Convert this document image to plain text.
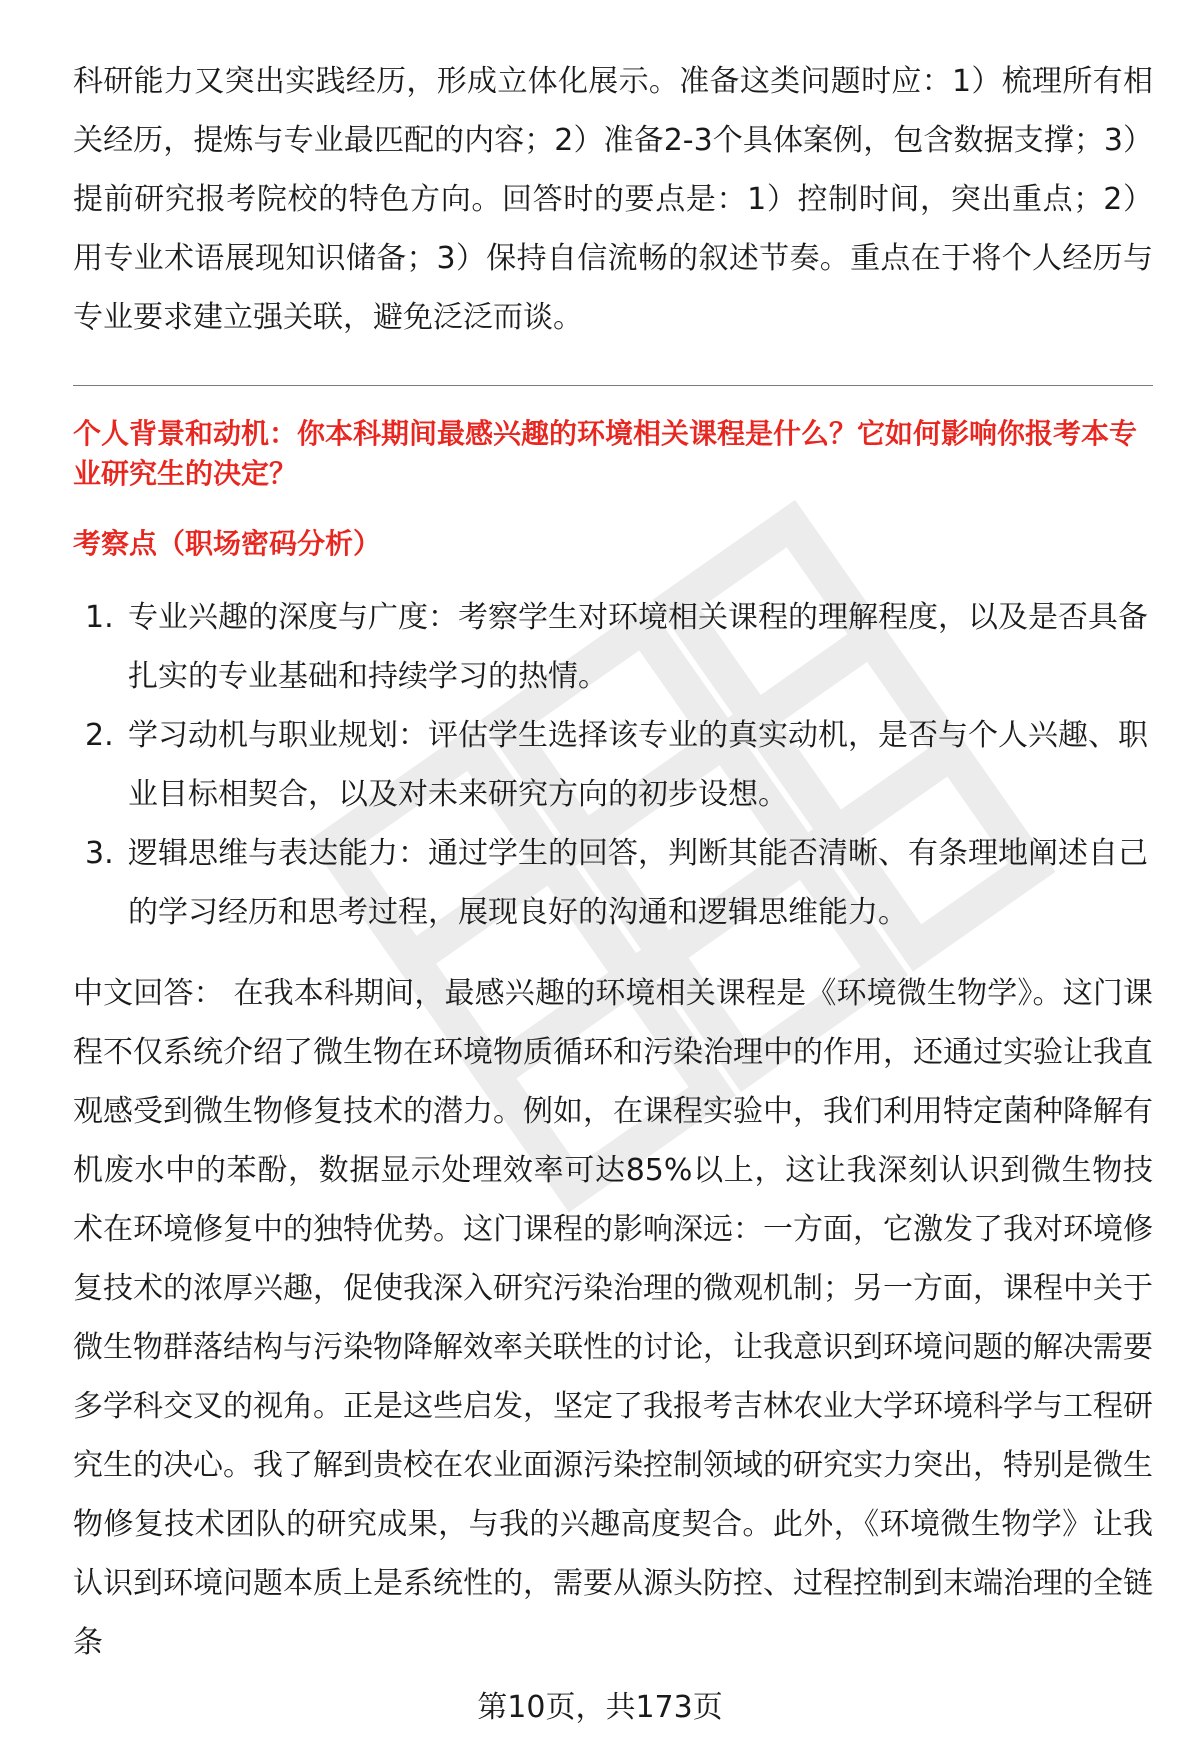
科研能力又突出实践经历，形成立体化展示。准备这类问题时应：1）梳理所有相关经历，提炼与专业最匹配的内容；2）准备2-3个具体案例，包含数据支撑；3）提前研究报考院校的特色方向。回答时的要点是：1）控制时间，突出重点；2）用专业术语展现知识储备；3）保持自信流畅的叙述节奏。重点在于将个人经历与专业要求建立强关联，避免泛泛而谈。

个人背景和动机：你本科期间最感兴趣的环境相关课程是什么？它如何影响你报考本专业研究生的决定？

考察点（职场密码分析）

1. 专业兴趣的深度与广度：考察学生对环境相关课程的理解程度，以及是否具备扎实的专业基础和持续学习的热情。
2. 学习动机与职业规划：评估学生选择该专业的真实动机，是否与个人兴趣、职业目标相契合，以及对未来研究方向的初步设想。
3. 逻辑思维与表达能力：通过学生的回答，判断其能否清晰、有条理地阐述自己的学习经历和思考过程，展现良好的沟通和逻辑思维能力。

中文回答： 在我本科期间，最感兴趣的环境相关课程是《环境微生物学》。这门课程不仅系统介绍了微生物在环境物质循环和污染治理中的作用，还通过实验让我直观感受到微生物修复技术的潜力。例如，在课程实验中，我们利用特定菌种降解有机废水中的苯酚，数据显示处理效率可达85%以上，这让我深刻认识到微生物技术在环境修复中的独特优势。这门课程的影响深远：一方面，它激发了我对环境修复技术的浓厚兴趣，促使我深入研究污染治理的微观机制；另一方面，课程中关于微生物群落结构与污染物降解效率关联性的讨论，让我意识到环境问题的解决需要多学科交叉的视角。正是这些启发，坚定了我报考吉林农业大学环境科学与工程研究生的决心。我了解到贵校在农业面源污染控制领域的研究实力突出，特别是微生物修复技术团队的研究成果，与我的兴趣高度契合。此外，《环境微生物学》让我认识到环境问题本质上是系统性的，需要从源头防控、过程控制到末端治理的全链条

第10页，共173页
